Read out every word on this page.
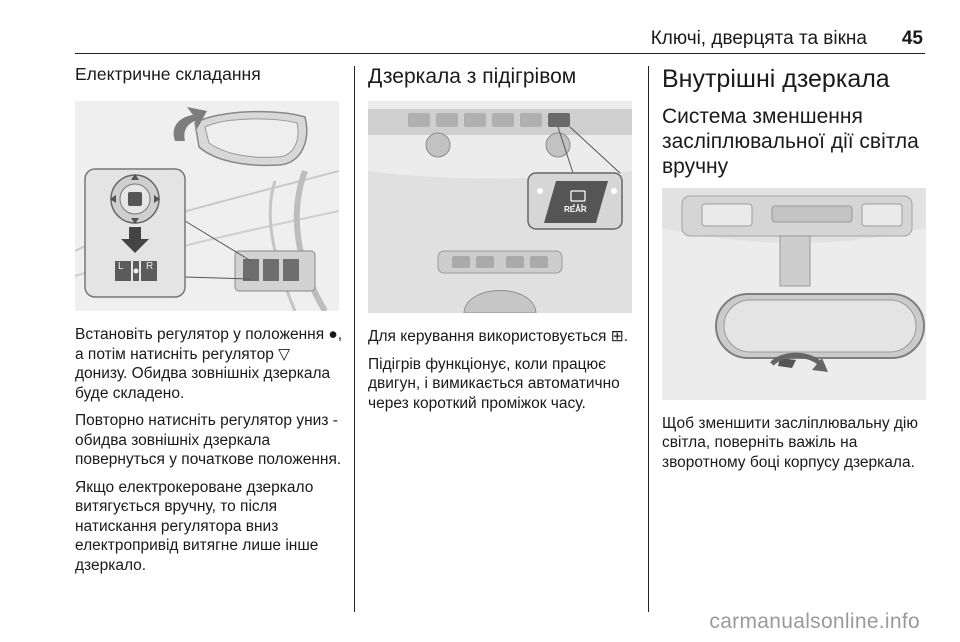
Ключі, дверцята та вікна 45
Електричне складання
L R

Встановіть регулятор у положення ●, а потім натисніть регулятор ▽ донизу. Обидва зовнішніх дзеркала буде складено.

Повторно натисніть регулятор униз - обидва зовнішніх дзеркала повернуться у початкове положення.

Якщо електрокероване дзеркало витягується вручну, то після натискання регулятора вниз електропривід витягне лише інше дзеркало.

Дзеркала з підігрівом
REAR

Для керування використовується ⊞.

Підігрів функціонує, коли працює двигун, і вимикається автоматично через короткий проміжок часу.

Внутрішні дзеркала
Система зменшення засліплювальної дії світла вручну

Щоб зменшити засліплювальну дію світла, поверніть важіль на зворотному боці корпусу дзеркала.

carmanualsonline.info
